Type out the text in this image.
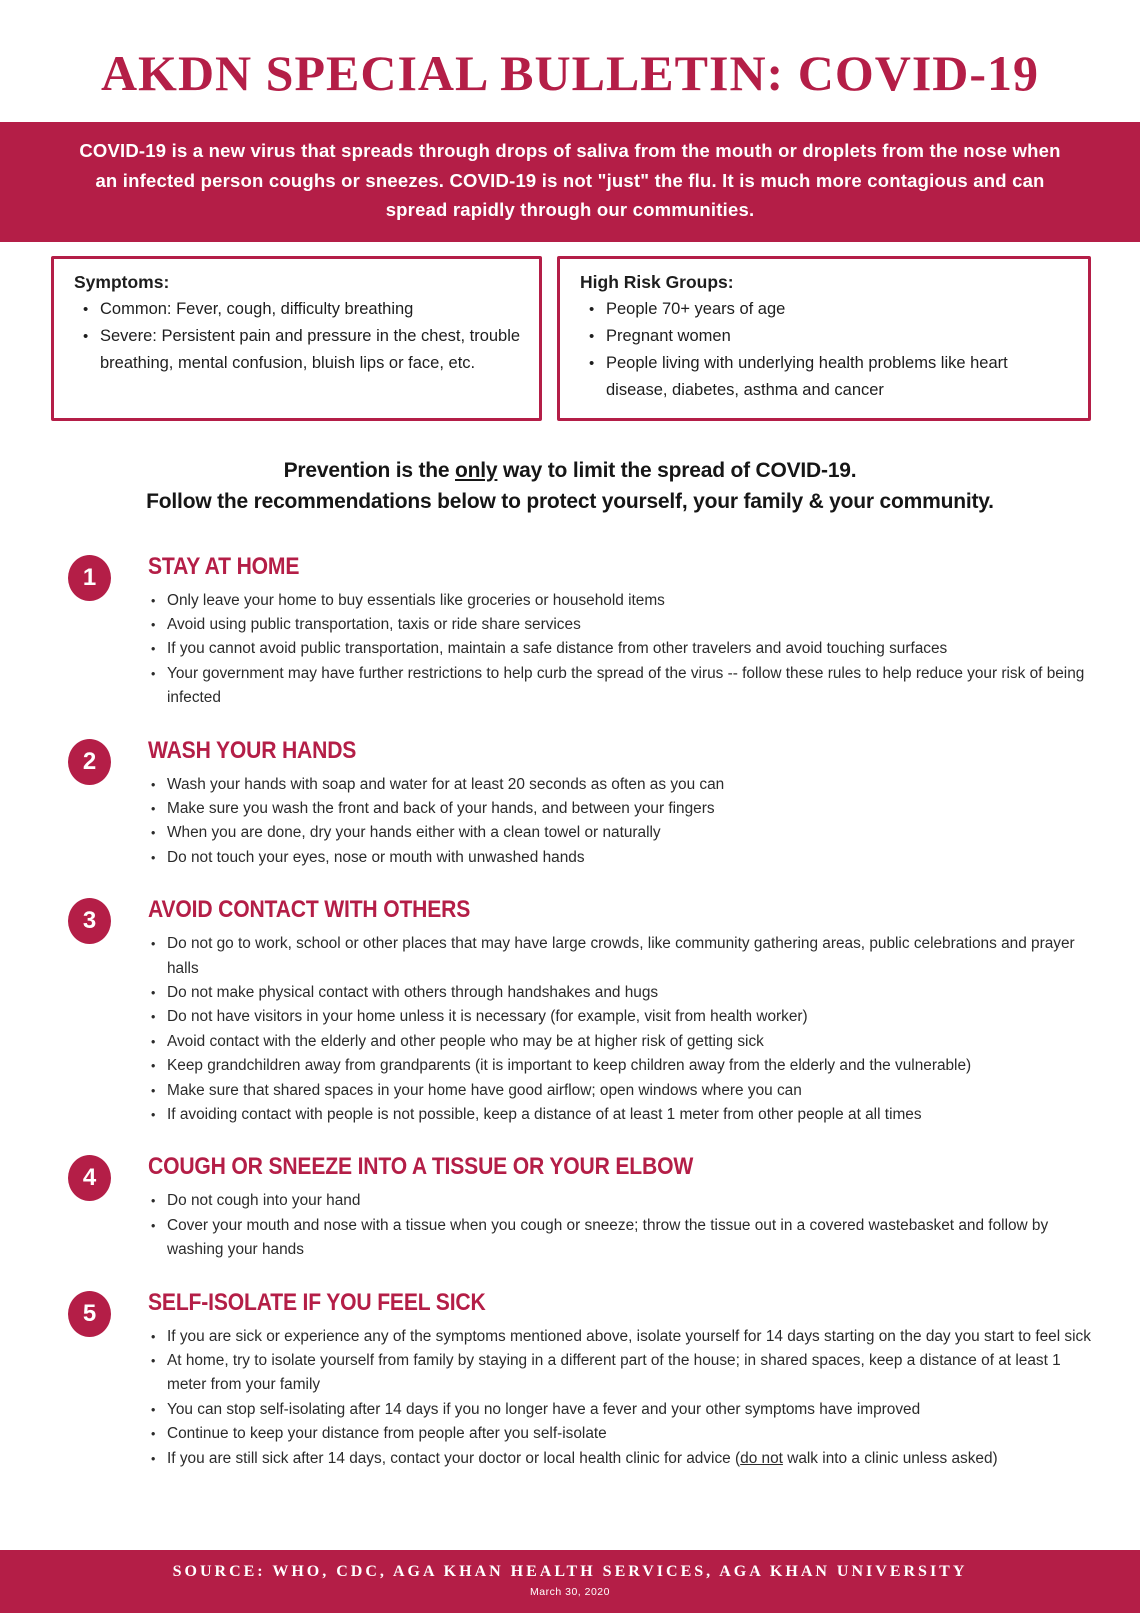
AKDN SPECIAL BULLETIN: COVID-19

COVID-19 is a new virus that spreads through drops of saliva from the mouth or droplets from the nose when an infected person coughs or sneezes. COVID-19 is not "just" the flu. It is much more contagious and can spread rapidly through our communities.

Symptoms:
• Common: Fever, cough, difficulty breathing
• Severe: Persistent pain and pressure in the chest, trouble breathing, mental confusion, bluish lips or face, etc.
High Risk Groups:
• People 70+ years of age
• Pregnant women
• People living with underlying health problems like heart disease, diabetes, asthma and cancer

Prevention is the only way to limit the spread of COVID-19.

Follow the recommendations below to protect yourself, your family & your community.

1	STAY AT HOME
• Only leave your home to buy essentials like groceries or household items
• Avoid using public transportation, taxis or ride share services
• If you cannot avoid public transportation, maintain a safe distance from other travelers and avoid touching surfaces
• Your government may have further restrictions to help curb the spread of the virus -- follow these rules to help reduce your risk of being infected
2	WASH YOUR HANDS
• Wash your hands with soap and water for at least 20 seconds as often as you can
• Make sure you wash the front and back of your hands, and between your fingers
• When you are done, dry your hands either with a clean towel or naturally
• Do not touch your eyes, nose or mouth with unwashed hands
3	AVOID CONTACT WITH OTHERS
• Do not go to work, school or other places that may have large crowds, like community gathering areas, public celebrations and prayer halls
• Do not make physical contact with others through handshakes and hugs
• Do not have visitors in your home unless it is necessary (for example, visit from health worker)
• Avoid contact with the elderly and other people who may be at higher risk of getting sick
• Keep grandchildren away from grandparents (it is important to keep children away from the elderly and the vulnerable)
• Make sure that shared spaces in your home have good airflow; open windows where you can
• If avoiding contact with people is not possible, keep a distance of at least 1 meter from other people at all times
4	COUGH OR SNEEZE INTO A TISSUE OR YOUR ELBOW
• Do not cough into your hand
• Cover your mouth and nose with a tissue when you cough or sneeze; throw the tissue out in a covered wastebasket and follow by washing your hands
5	SELF-ISOLATE IF YOU FEEL SICK
• If you are sick or experience any of the symptoms mentioned above, isolate yourself for 14 days starting on the day you start to feel sick
• At home, try to isolate yourself from family by staying in a different part of the house; in shared spaces, keep a distance of at least 1 meter from your family
• You can stop self-isolating after 14 days if you no longer have a fever and your other symptoms have improved
• Continue to keep your distance from people after you self-isolate
• If you are still sick after 14 days, contact your doctor or local health clinic for advice (do not walk into a clinic unless asked)
SOURCE: WHO, CDC, AGA KHAN HEALTH SERVICES, AGA KHAN UNIVERSITY
March 30, 2020
